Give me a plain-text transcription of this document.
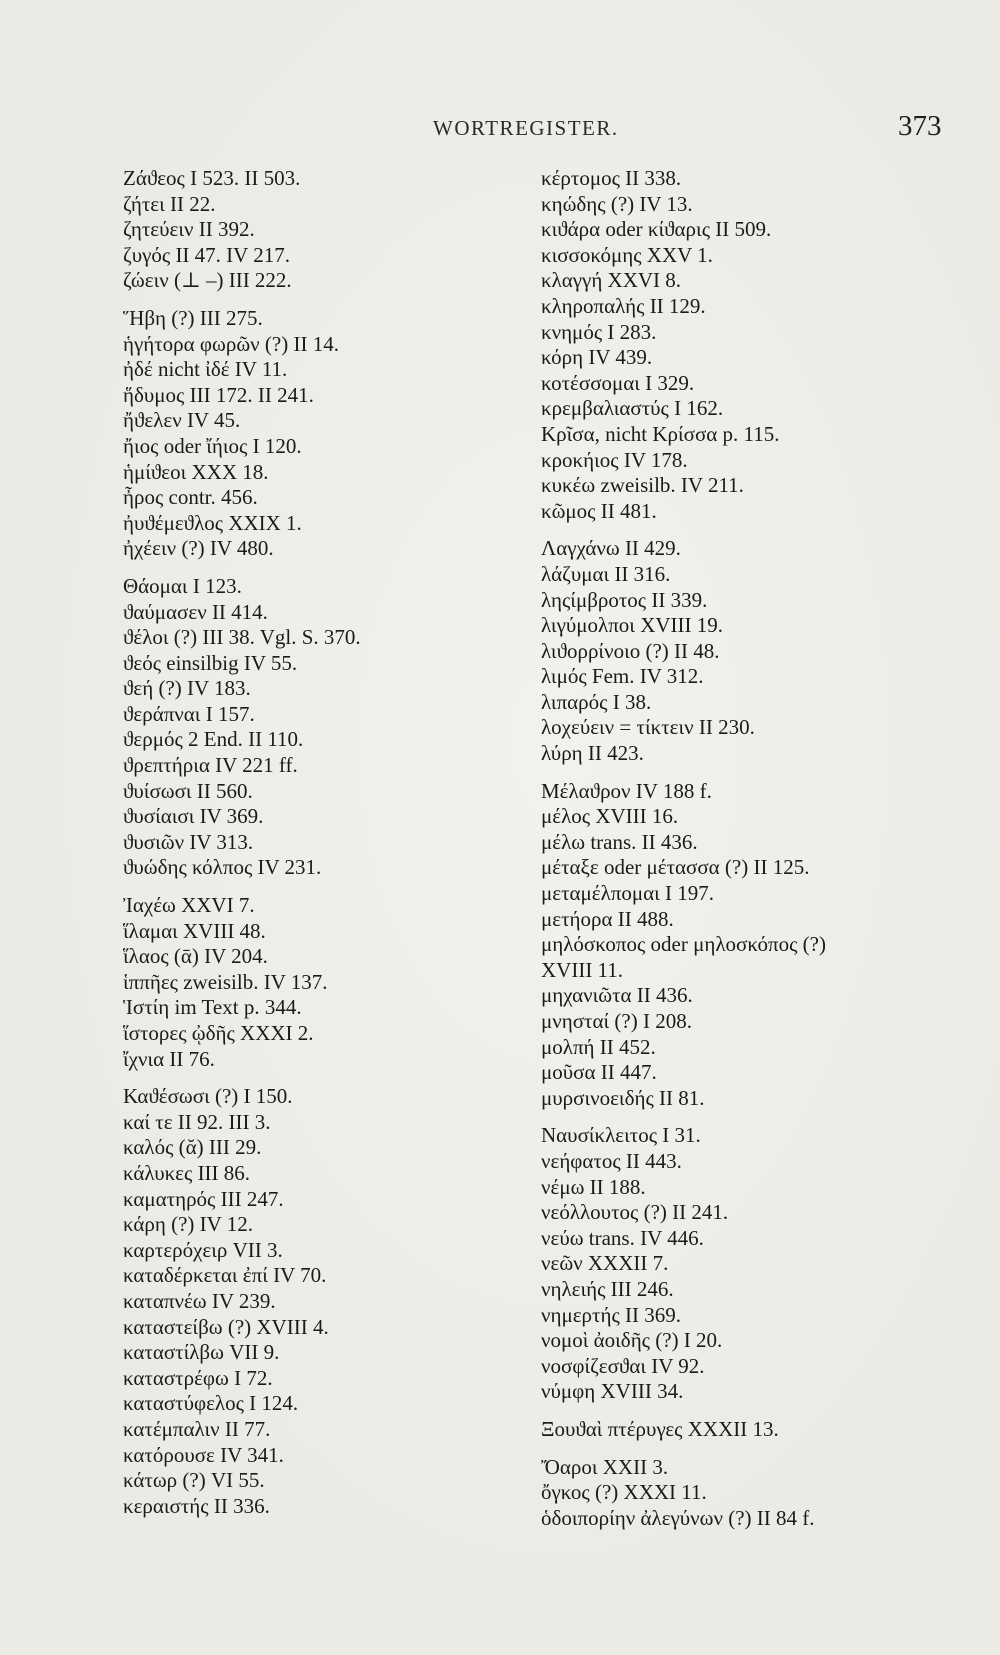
WORTREGISTER.	373
Ζάϑεος I 523. II 503.
ζήτει II 22.
ζητεύειν II 392.
ζυγός II 47. IV 217.
ζώειν (⊥ –) III 222.
Ἥβη (?) III 275.
ἡγήτορα φωρῶν (?) II 14.
ἠδέ nicht ἰδέ IV 11.
ἥδυμος III 172. II 241.
ἤϑελεν IV 45.
ἤιος oder ἴήιος I 120.
ἡμίϑεοι XXX 18.
ἦρος contr. 456.
ἠυϑέμεϑλος XXIX 1.
ἠχέειν (?) IV 480.
Θάομαι I 123.
ϑαύμασεν II 414.
ϑέλοι (?) III 38. Vgl. S. 370.
ϑεός einsilbig IV 55.
ϑεή (?) IV 183.
ϑεράπναι I 157.
ϑερμός 2 End. II 110.
ϑρεπτήρια IV 221 ff.
ϑυίσωσι II 560.
ϑυσίαισι IV 369.
ϑυσιῶν IV 313.
ϑυώδης κόλπος IV 231.
Ἰαχέω XXVI 7.
ἵλαμαι XVIII 48.
ἵλαος (ᾱ) IV 204.
ἱππῆες zweisilb. IV 137.
Ἱστίη im Text p. 344.
ἵστορες ᾠδῆς XXXI 2.
ἴχνια II 76.
Καϑέσωσι (?) I 150.
καί τε II 92. III 3.
καλός (ᾰ) III 29.
κάλυκες III 86.
καματηρός III 247.
κάρη (?) IV 12.
καρτερόχειρ VII 3.
καταδέρκεται ἐπί IV 70.
καταπνέω IV 239.
καταστείβω (?) XVIII 4.
καταστίλβω VII 9.
καταστρέφω I 72.
καταστύφελος I 124.
κατέμπαλιν II 77.
κατόρουσε IV 341.
κάτωρ (?) VI 55.
κεραιστής II 336.
κέρτομος II 338.
κηώδης (?) IV 13.
κιϑάρα oder κίϑαρις II 509.
κισσοκόμης XXV 1.
κλαγγή XXVI 8.
κληροπαλής II 129.
κνημός I 283.
κόρη IV 439.
κοτέσσομαι I 329.
κρεμβαλιαστύς I 162.
Κρῖσα, nicht Κρίσσα p. 115.
κροκήιος IV 178.
κυκέω zweisilb. IV 211.
κῶμος II 481.
Λαγχάνω II 429.
λάζυμαι II 316.
ληςίμβροτος II 339.
λιγύμολποι XVIII 19.
λιϑορρίνοιο (?) II 48.
λιμός Fem. IV 312.
λιπαρός I 38.
λοχεύειν = τίκτειν II 230.
λύρη II 423.
Μέλαϑρον IV 188 f.
μέλος XVIII 16.
μέλω trans. II 436.
μέταξε oder μέτασσα (?) II 125.
μεταμέλπομαι I 197.
μετήορα II 488.
μηλόσκοπος oder μηλοσκόπος (?)
XVIII 11.
μηχανιῶτα II 436.
μνησταί (?) I 208.
μολπή II 452.
μοῦσα II 447.
μυρσινοειδής II 81.
Ναυσίκλειτος I 31.
νεήφατος II 443.
νέμω II 188.
νεόλλουτος (?) II 241.
νεύω trans. IV 446.
νεῶν XXXII 7.
νηλειής III 246.
νημερτής II 369.
νομοὶ ἀοιδῆς (?) I 20.
νοσφίζεσϑαι IV 92.
νύμφη XVIII 34.
Ξουϑαὶ πτέρυγες XXXII 13.
Ὄαροι XXII 3.
ὄγκος (?) XXXI 11.
ὁδοιπορίην ἀλεγύνων (?) II 84 f.
